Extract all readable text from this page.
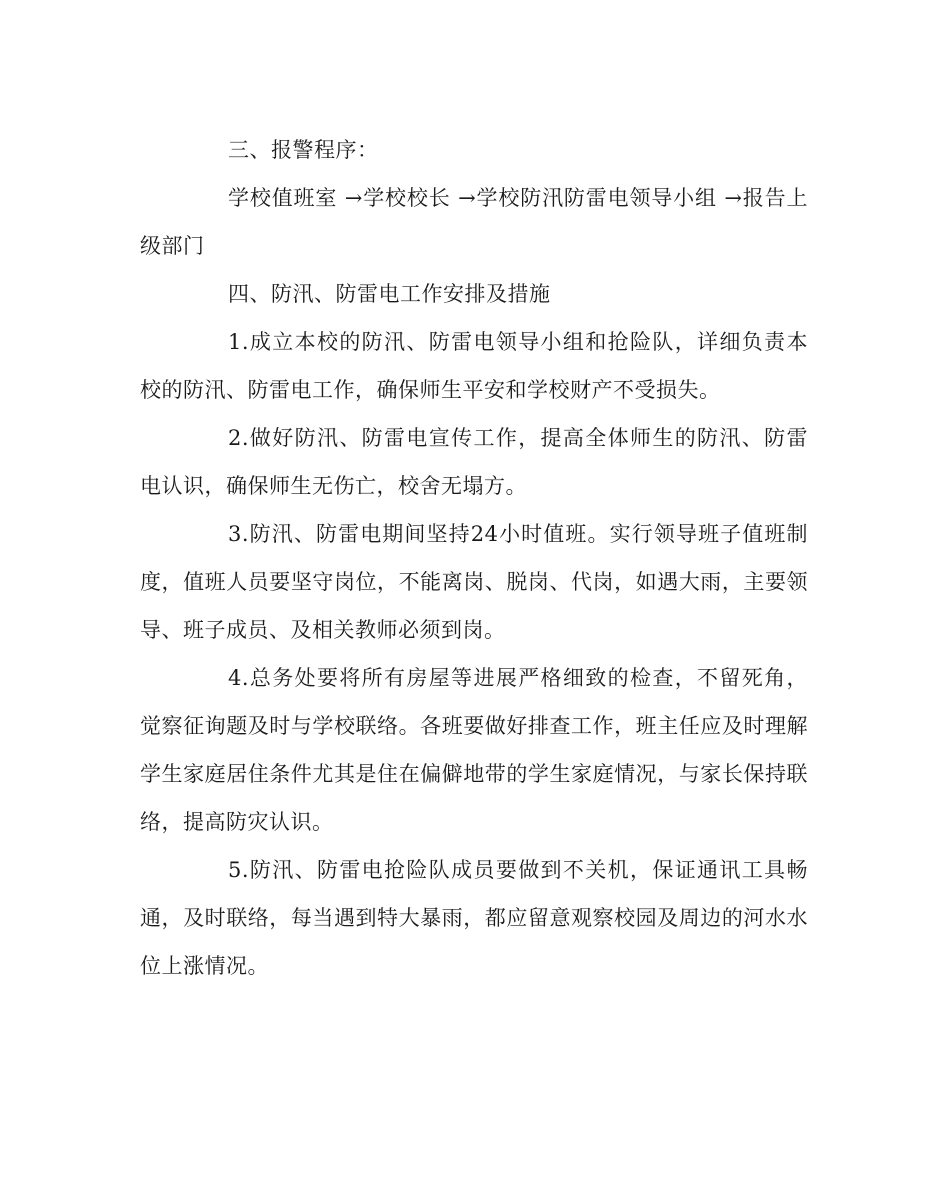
三、报警程序：

学校值班室 →学校校长 →学校防汛防雷电领导小组 →报告上级部门

四、防汛、防雷电工作安排及措施

1.成立本校的防汛、防雷电领导小组和抢险队，详细负责本校的防汛、防雷电工作，确保师生平安和学校财产不受损失。

2.做好防汛、防雷电宣传工作，提高全体师生的防汛、防雷电认识，确保师生无伤亡，校舍无塌方。

3.防汛、防雷电期间坚持24小时值班。实行领导班子值班制度，值班人员要坚守岗位，不能离岗、脱岗、代岗，如遇大雨，主要领导、班子成员、及相关教师必须到岗。

4.总务处要将所有房屋等进展严格细致的检查，不留死角，觉察征询题及时与学校联络。各班要做好排查工作，班主任应及时理解学生家庭居住条件尤其是住在偏僻地带的学生家庭情况，与家长保持联络，提高防灾认识。

5.防汛、防雷电抢险队成员要做到不关机，保证通讯工具畅通，及时联络，每当遇到特大暴雨，都应留意观察校园及周边的河水水位上涨情况。
